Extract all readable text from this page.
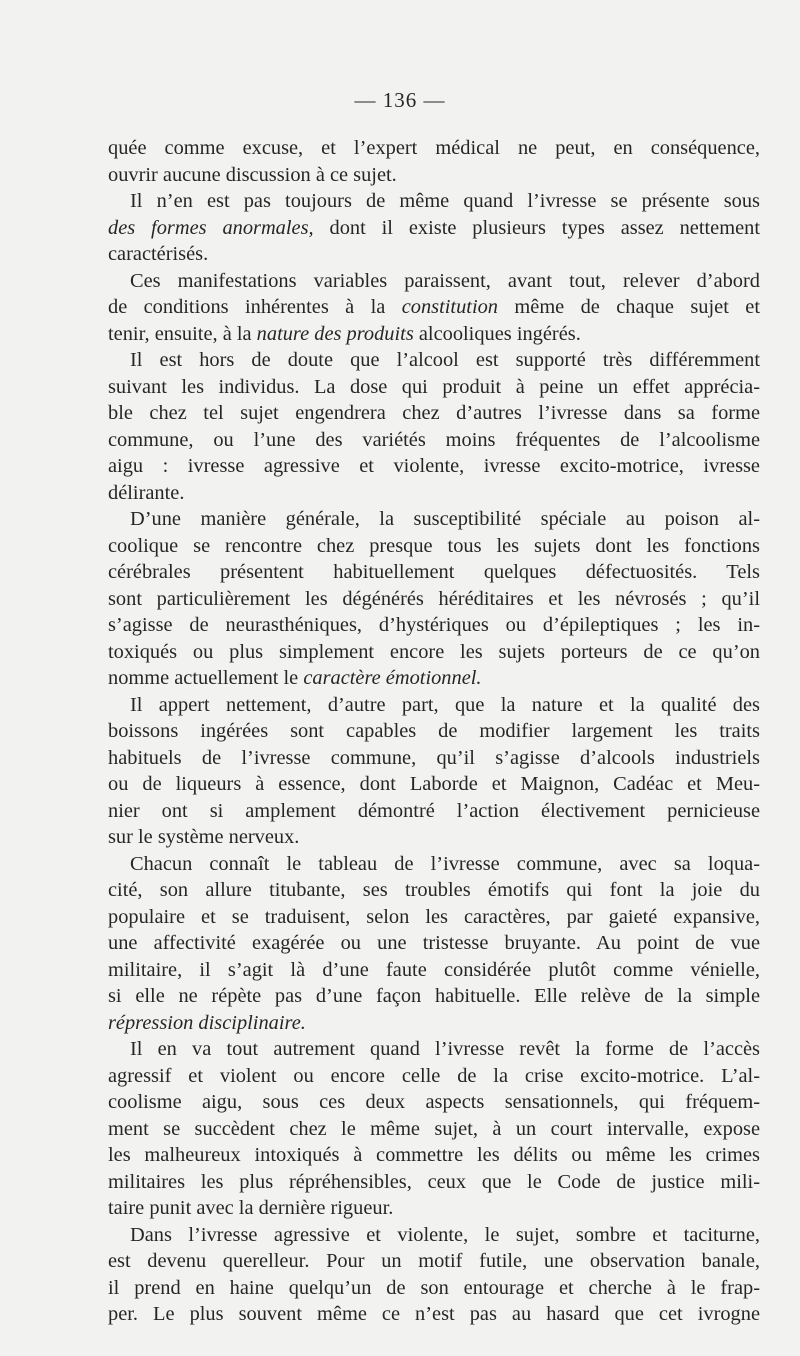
— 136 —
quée comme excuse, et l’expert médical ne peut, en conséquence,
ouvrir aucune discussion à ce sujet.
Il n’en est pas toujours de même quand l’ivresse se présente sous
des formes anormales, dont il existe plusieurs types assez nettement
caractérisés.
Ces manifestations variables paraissent, avant tout, relever d’abord
de conditions inhérentes à la constitution même de chaque sujet et
tenir, ensuite, à la nature des produits alcooliques ingérés.
Il est hors de doute que l’alcool est supporté très différemment
suivant les individus. La dose qui produit à peine un effet apprécia-
ble chez tel sujet engendrera chez d’autres l’ivresse dans sa forme
commune, ou l’une des variétés moins fréquentes de l’alcoolisme
aigu : ivresse agressive et violente, ivresse excito-motrice, ivresse
délirante.
D’une manière générale, la susceptibilité spéciale au poison al-
coolique se rencontre chez presque tous les sujets dont les fonctions
cérébrales présentent habituellement quelques défectuosités. Tels
sont particulièrement les dégénérés héréditaires et les névrosés ; qu’il
s’agisse de neurasthéniques, d’hystériques ou d’épileptiques ; les in-
toxiqués ou plus simplement encore les sujets porteurs de ce qu’on
nomme actuellement le caractère émotionnel.
Il appert nettement, d’autre part, que la nature et la qualité des
boissons ingérées sont capables de modifier largement les traits
habituels de l’ivresse commune, qu’il s’agisse d’alcools industriels
ou de liqueurs à essence, dont Laborde et Maignon, Cadéac et Meu-
nier ont si amplement démontré l’action électivement pernicieuse
sur le système nerveux.
Chacun connaît le tableau de l’ivresse commune, avec sa loqua-
cité, son allure titubante, ses troubles émotifs qui font la joie du
populaire et se traduisent, selon les caractères, par gaieté expansive,
une affectivité exagérée ou une tristesse bruyante. Au point de vue
militaire, il s’agit là d’une faute considérée plutôt comme vénielle,
si elle ne répète pas d’une façon habituelle. Elle relève de la simple
répression disciplinaire.
Il en va tout autrement quand l’ivresse revêt la forme de l’accès
agressif et violent ou encore celle de la crise excito-motrice. L’al-
coolisme aigu, sous ces deux aspects sensationnels, qui fréquem-
ment se succèdent chez le même sujet, à un court intervalle, expose
les malheureux intoxiqués à commettre les délits ou même les crimes
militaires les plus répréhensibles, ceux que le Code de justice mili-
taire punit avec la dernière rigueur.
Dans l’ivresse agressive et violente, le sujet, sombre et taciturne,
est devenu querelleur. Pour un motif futile, une observation banale,
il prend en haine quelqu’un de son entourage et cherche à le frap-
per. Le plus souvent même ce n’est pas au hasard que cet ivrogne
